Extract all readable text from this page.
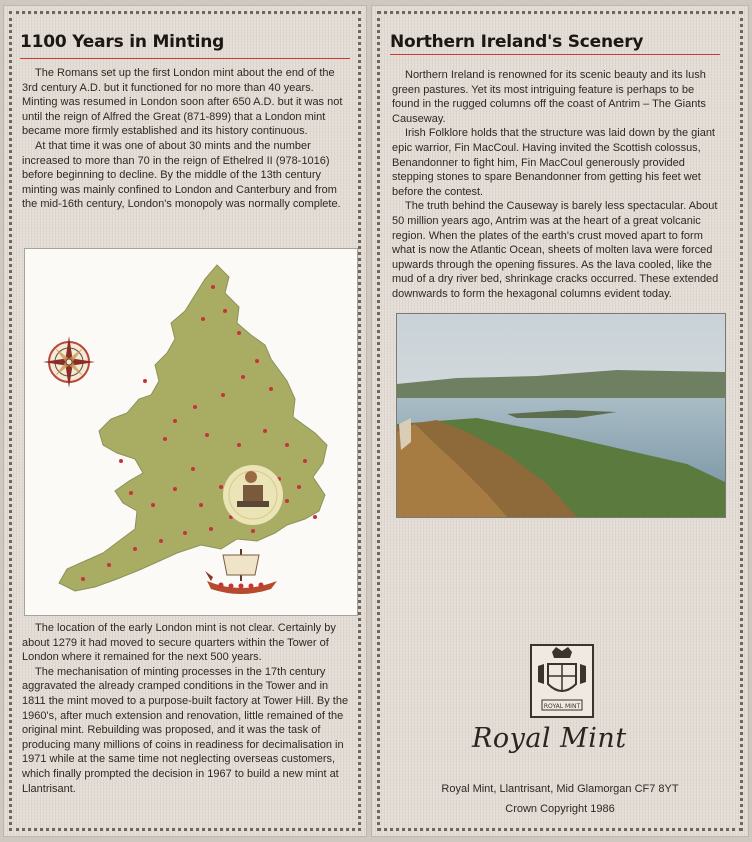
1100 Years in Minting

The Romans set up the first London mint about the end of the 3rd century A.D. but it functioned for no more than 40 years. Minting was resumed in London soon after 650 A.D. but it was not until the reign of Alfred the Great (871-899) that a London mint became more firmly established and its history continuous.

At that time it was one of about 30 mints and the number increased to more than 70 in the reign of Ethelred II (978-1016) before beginning to decline. By the middle of the 13th century minting was mainly confined to London and Canterbury and from the mid-16th century, London's monopoly was normally complete.

The location of the early London mint is not clear. Certainly by about 1279 it had moved to secure quarters within the Tower of London where it remained for the next 500 years.

The mechanisation of minting processes in the 17th century aggravated the already cramped conditions in the Tower and in 1811 the mint moved to a purpose-built factory at Tower Hill. By the 1960's, after much extension and renovation, little remained of the original mint. Rebuilding was proposed, and it was the task of producing many millions of coins in readiness for decimalisation in 1971 while at the same time not neglecting overseas customers, which finally prompted the decision in 1967 to build a new mint at Llantrisant.

Northern Ireland's Scenery

Northern Ireland is renowned for its scenic beauty and its lush green pastures. Yet its most intriguing feature is perhaps to be found in the rugged columns off the coast of Antrim – The Giants Causeway.

Irish Folklore holds that the structure was laid down by the giant epic warrior, Fin MacCoul. Having invited the Scottish colossus, Benandonner to fight him, Fin MacCoul generously provided stepping stones to spare Benandonner from getting his feet wet before the contest.

The truth behind the Causeway is barely less spectacular. About 50 million years ago, Antrim was at the heart of a great volcanic region. When the plates of the earth's crust moved apart to form what is now the Atlantic Ocean, sheets of molten lava were forced upwards through the opening fissures. As the lava cooled, like the mud of a dry river bed, shrinkage cracks occurred. These extended downwards to form the hexagonal columns evident today.

ROYAL MINT
Royal Mint
Royal Mint, Llantrisant, Mid Glamorgan CF7 8YT
Crown Copyright 1986
